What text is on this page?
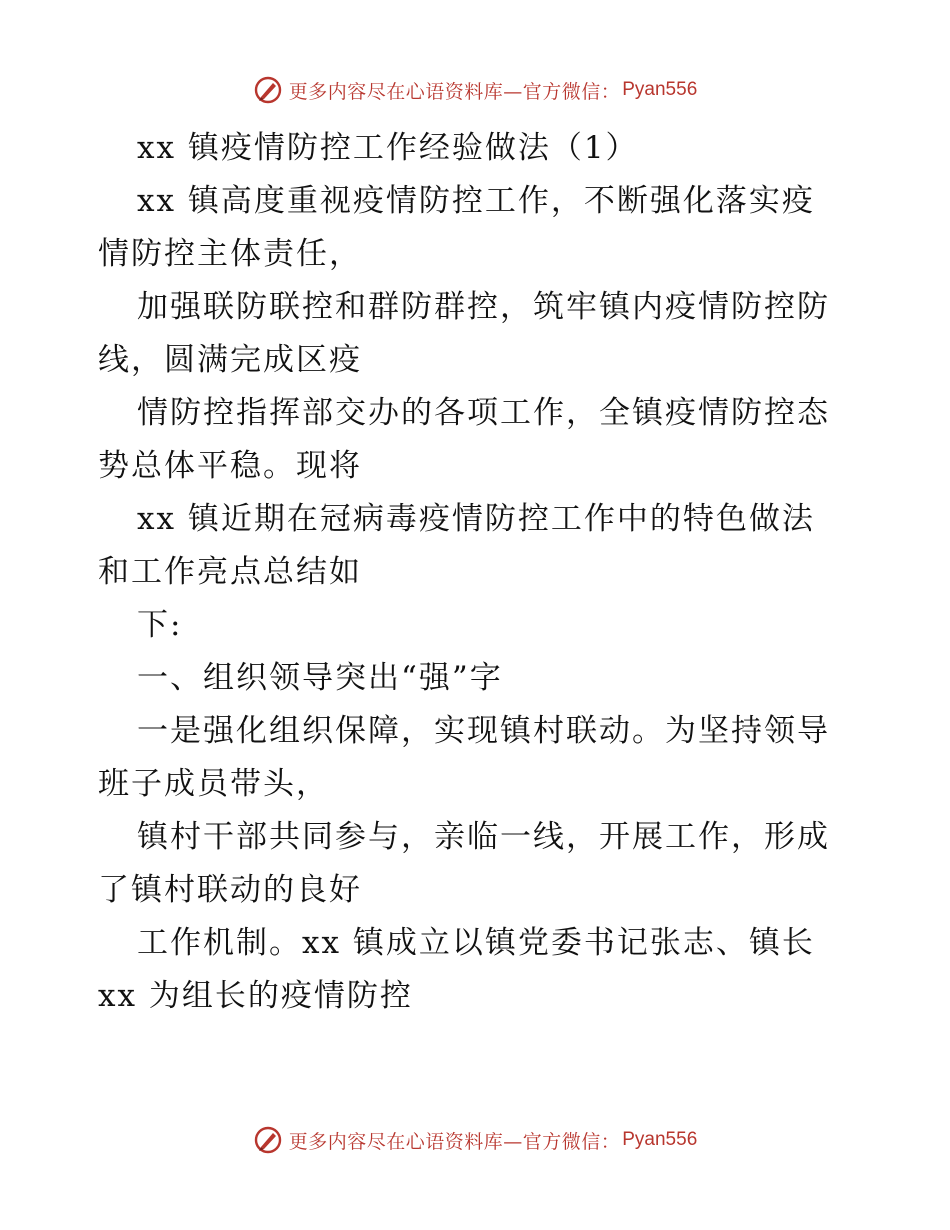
更多内容尽在心语资料库—官方微信： Pyan556
xx 镇疫情防控工作经验做法（1）
xx 镇高度重视疫情防控工作，不断强化落实疫
情防控主体责任，
加强联防联控和群防群控，筑牢镇内疫情防控防
线，圆满完成区疫
情防控指挥部交办的各项工作，全镇疫情防控态
势总体平稳。现将
xx 镇近期在冠病毒疫情防控工作中的特色做法
和工作亮点总结如
下:
一、组织领导突出“强”字
一是强化组织保障，实现镇村联动。为坚持领导
班子成员带头，
镇村干部共同参与，亲临一线，开展工作，形成
了镇村联动的良好
工作机制。xx 镇成立以镇党委书记张志、镇长
xx 为组长的疫情防控
更多内容尽在心语资料库—官方微信： Pyan556
